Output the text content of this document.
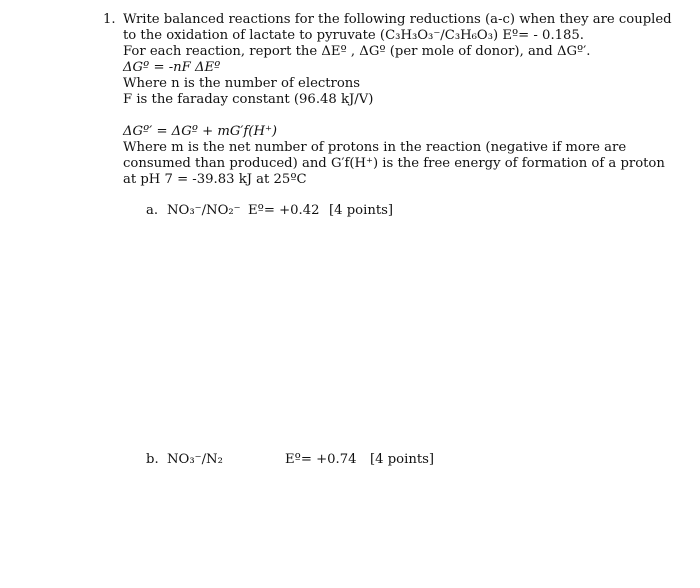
1. Write balanced reactions for the following reductions (a-c) when they are coupled
to the oxidation of lactate to pyruvate (C₃H₃O₃⁻/C₃H₆O₃) Eº= - 0.185.
For each reaction, report the ΔEº , ΔGº (per mole of donor), and ΔGº′.
ΔGº = -nF ΔEº
Where n is the number of electrons
F is the faraday constant (96.48 kJ/V)
ΔGº′ = ΔGº + mG′f(H⁺)
Where m is the net number of protons in the reaction (negative if more are
consumed than produced) and G′f(H⁺) is the free energy of formation of a proton
at pH 7 = -39.83 kJ at 25ºC
a. NO₃⁻/NO₂⁻ Eº= +0.42 [4 points]
b. NO₃⁻/N₂	Eº= +0.74 [4 points]
